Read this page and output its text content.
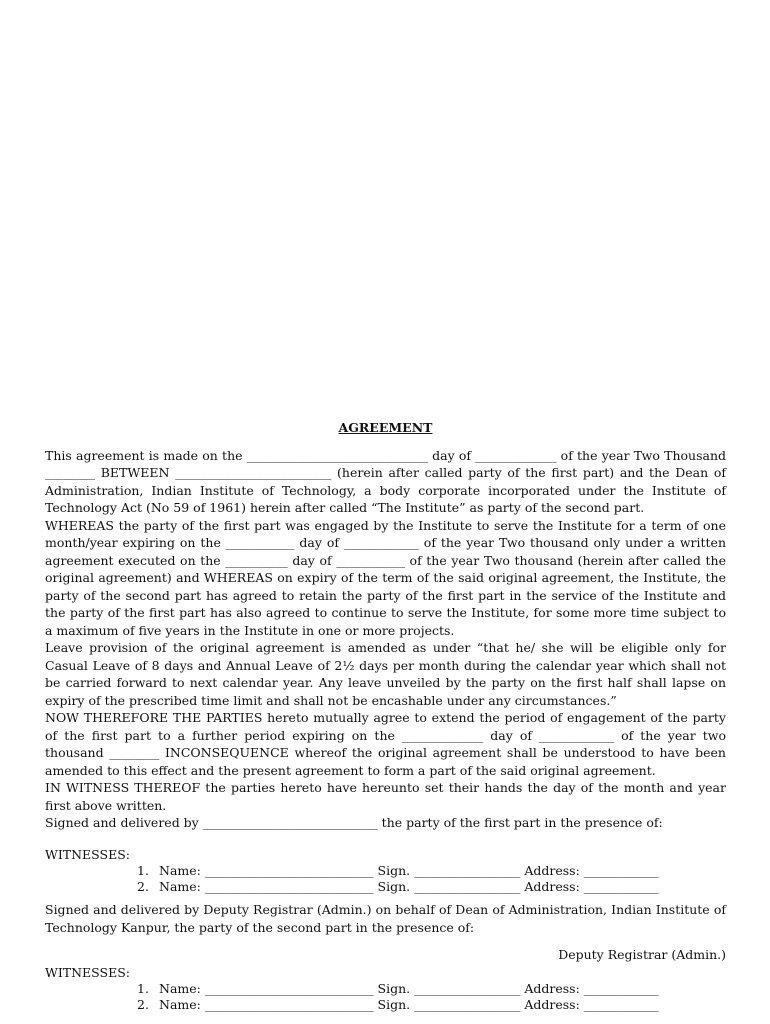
AGREEMENT

This agreement is made on the _____________________________ day of _____________ of the year Two Thousand ________ BETWEEN _________________________ (herein after called party of the first part) and the Dean of Administration, Indian Institute of Technology, a body corporate incorporated under the Institute of Technology Act (No 59 of 1961) herein after called “The Institute” as party of the second part.

WHEREAS the party of the first part was engaged by the Institute to serve the Institute for a term of one month/year expiring on the ___________ day of ____________ of the year Two thousand only under a written agreement executed on the __________ day of ___________ of the year Two thousand (herein after called the original agreement) and WHEREAS on expiry of the term of the said original agreement, the Institute, the party of the second part has agreed to retain the party of the first part in the service of the Institute and the party of the first part has also agreed to continue to serve the Institute, for some more time subject to a maximum of five years in the Institute in one or more projects.

Leave provision of the original agreement is amended as under “that he/ she will be eligible only for Casual Leave of 8 days and Annual Leave of 2½ days per month during the calendar year which shall not be carried forward to next calendar year. Any leave unveiled by the party on the first half shall lapse on expiry of the prescribed time limit and shall not be encashable under any circumstances.”

NOW THEREFORE THE PARTIES hereto mutually agree to extend the period of engagement of the party of the first part to a further period expiring on the _____________ day of ____________ of the year two thousand ________ INCONSEQUENCE whereof the original agreement shall be understood to have been amended to this effect and the present agreement to form a part of the said original agreement.

IN WITNESS THEREOF the parties hereto have hereunto set their hands the day of the month and year first above written.

Signed and delivered by ____________________________ the party of the first part in the presence of:

WITNESSES:

1. Name: ___________________________ Sign. _________________ Address: ____________
2. Name: ___________________________ Sign. _________________ Address: ____________

Signed and delivered by Deputy Registrar (Admin.) on behalf of Dean of Administration, Indian Institute of Technology Kanpur, the party of the second part in the presence of:

Deputy Registrar (Admin.)

WITNESSES:

1. Name: ___________________________ Sign. _________________ Address: ____________
2. Name: ___________________________ Sign. _________________ Address: ____________
